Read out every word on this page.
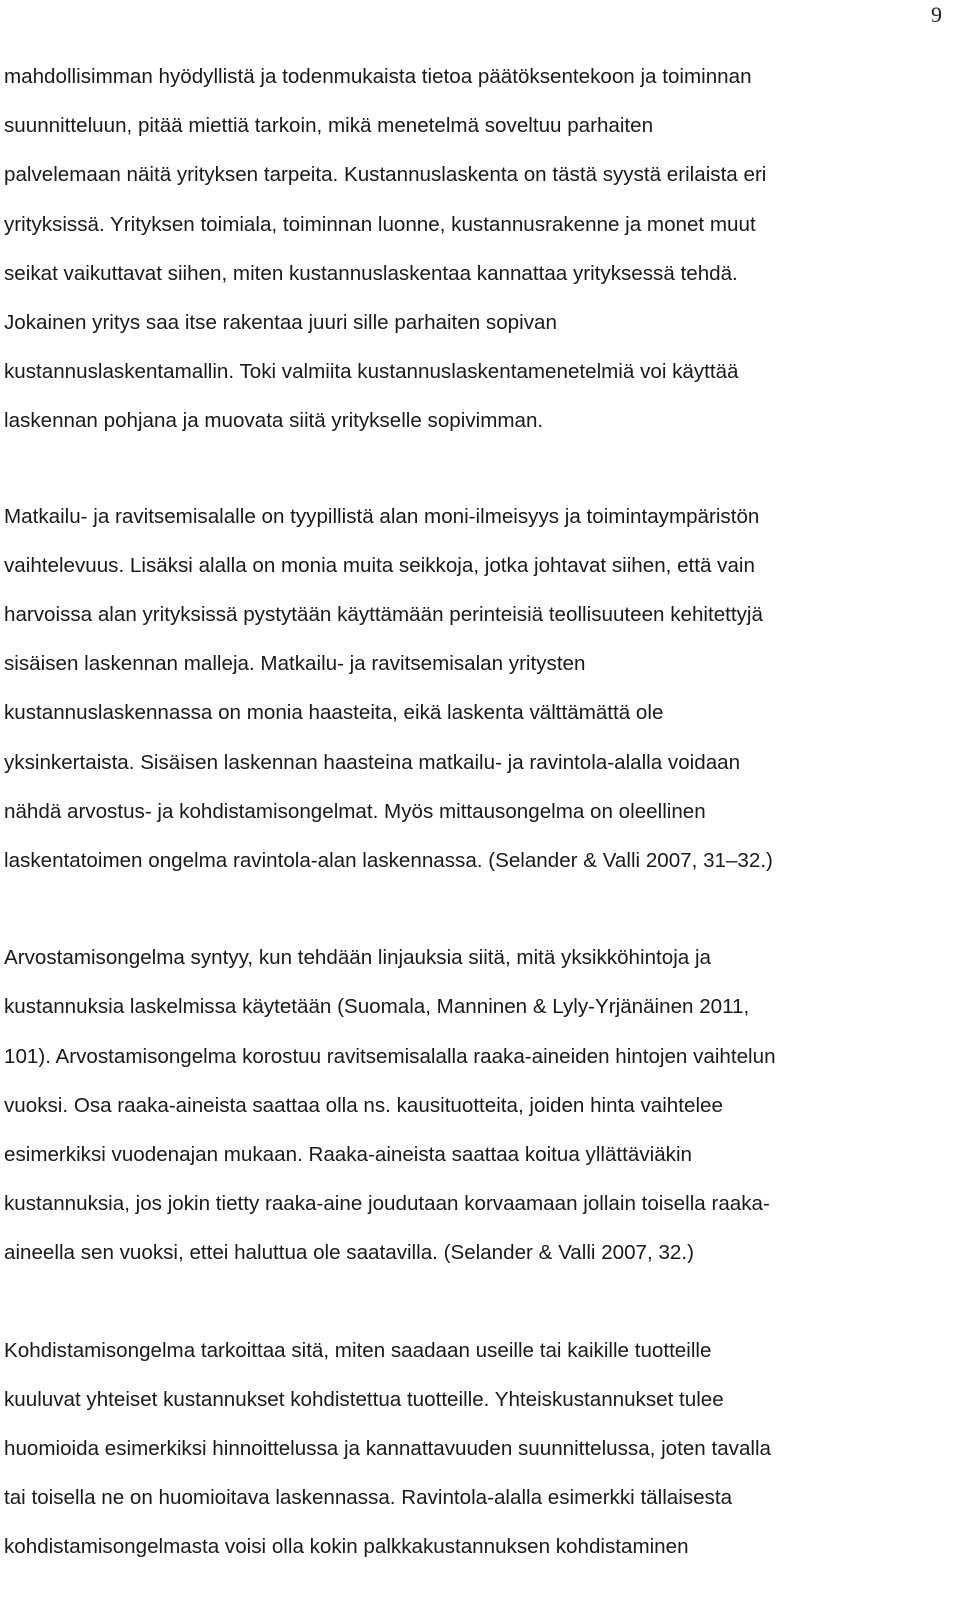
9

mahdollisimman hyödyllistä ja todenmukaista tietoa päätöksentekoon ja toiminnan
suunnitteluun, pitää miettiä tarkoin, mikä menetelmä soveltuu parhaiten
palvelemaan näitä yrityksen tarpeita. Kustannuslaskenta on tästä syystä erilaista eri
yrityksissä. Yrityksen toimiala, toiminnan luonne, kustannusrakenne ja monet muut
seikat vaikuttavat siihen, miten kustannuslaskentaa kannattaa yrityksessä tehdä.
Jokainen yritys saa itse rakentaa juuri sille parhaiten sopivan
kustannuslaskentamallin. Toki valmiita kustannuslaskentamenetelmiä voi käyttää
laskennan pohjana ja muovata siitä yritykselle sopivimman.

Matkailu- ja ravitsemisalalle on tyypillistä alan moni-ilmeisyys ja toimintaympäristön
vaihtelevuus. Lisäksi alalla on monia muita seikkoja, jotka johtavat siihen, että vain
harvoissa alan yrityksissä pystytään käyttämään perinteisiä teollisuuteen kehitettyjä
sisäisen laskennan malleja. Matkailu- ja ravitsemisalan yritysten
kustannuslaskennassa on monia haasteita, eikä laskenta välttämättä ole
yksinkertaista. Sisäisen laskennan haasteina matkailu- ja ravintola-alalla voidaan
nähdä arvostus- ja kohdistamisongelmat. Myös mittausongelma on oleellinen
laskentatoimen ongelma ravintola-alan laskennassa. (Selander & Valli 2007, 31–32.)

Arvostamisongelma syntyy, kun tehdään linjauksia siitä, mitä yksikköhintoja ja
kustannuksia laskelmissa käytetään (Suomala, Manninen & Lyly-Yrjänäinen 2011,
101). Arvostamisongelma korostuu ravitsemisalalla raaka-aineiden hintojen vaihtelun
vuoksi. Osa raaka-aineista saattaa olla ns. kausituotteita, joiden hinta vaihtelee
esimerkiksi vuodenajan mukaan. Raaka-aineista saattaa koitua yllättäviäkin
kustannuksia, jos jokin tietty raaka-aine joudutaan korvaamaan jollain toisella raaka-
aineella sen vuoksi, ettei haluttua ole saatavilla. (Selander & Valli 2007, 32.)

Kohdistamisongelma tarkoittaa sitä, miten saadaan useille tai kaikille tuotteille
kuuluvat yhteiset kustannukset kohdistettua tuotteille. Yhteiskustannukset tulee
huomioida esimerkiksi hinnoittelussa ja kannattavuuden suunnittelussa, joten tavalla
tai toisella ne on huomioitava laskennassa. Ravintola-alalla esimerkki tällaisesta
kohdistamisongelmasta voisi olla kokin palkkakustannuksen kohdistaminen
